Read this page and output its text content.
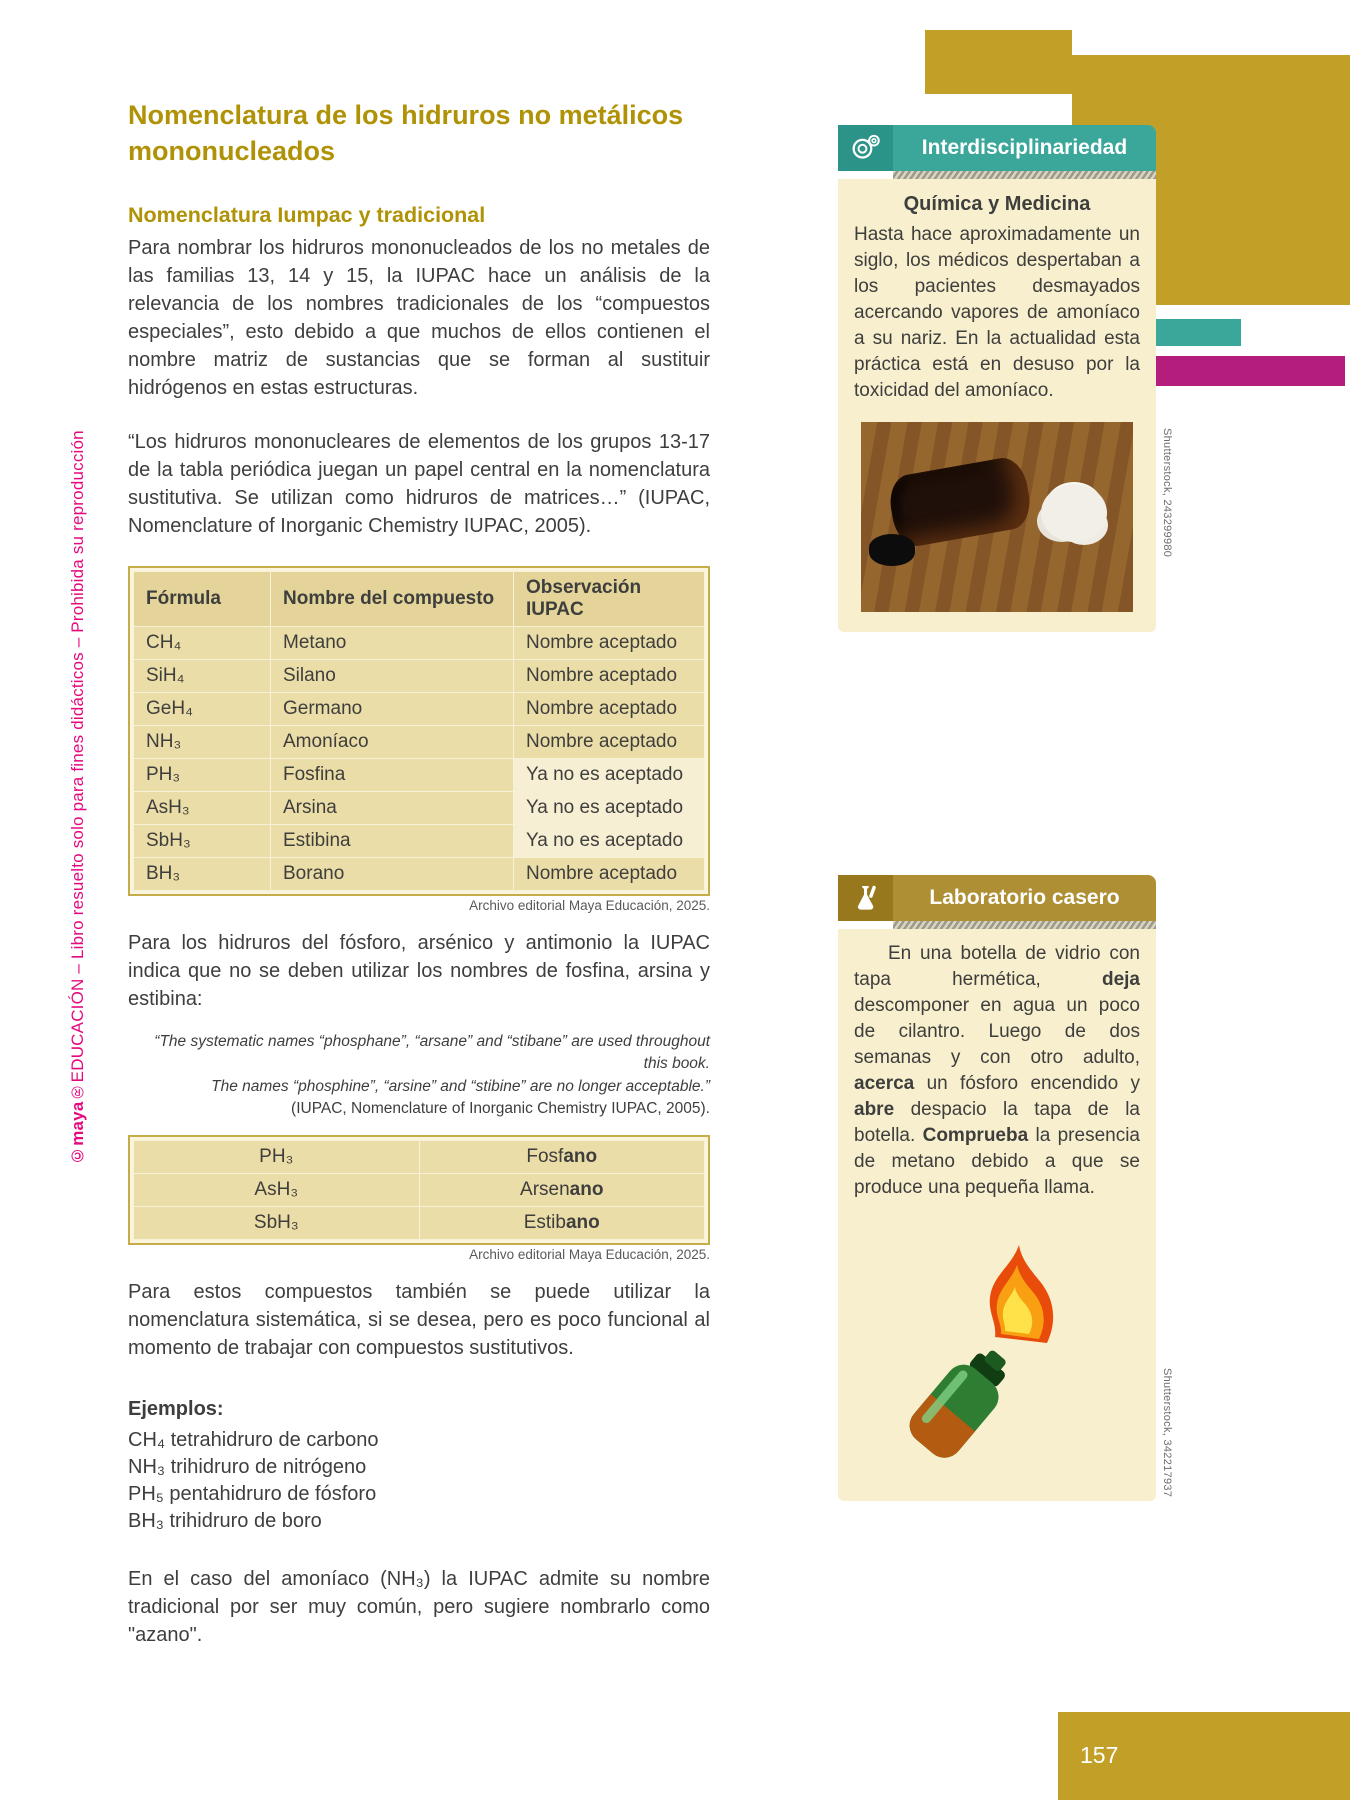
157
©maya®EDUCACIÓN – Libro resuelto solo para fines didácticos – Prohibida su reproducción
Nomenclatura de los hidruros no metálicos mononucleados
Nomenclatura Iumpac y tradicional

Para nombrar los hidruros mononucleados de los no metales de las familias 13, 14 y 15, la IUPAC hace un análisis de la relevancia de los nombres tradicionales de los “compuestos especiales”, esto debido a que muchos de ellos contienen el nombre matriz de sustancias que se forman al sustituir hidrógenos en estas estructuras.

“Los hidruros mononucleares de elementos de los grupos 13-17 de la tabla periódica juegan un papel central en la nomenclatura sustitutiva. Se utilizan como hidruros de matrices…” (IUPAC, Nomenclature of Inorganic Chemistry IUPAC, 2005).

Fórmula	Nombre del compuesto	Observación IUPAC
CH₄	Metano	Nombre aceptado
SiH₄	Silano	Nombre aceptado
GeH₄	Germano	Nombre aceptado
NH₃	Amoníaco	Nombre aceptado
PH₃	Fosfina	Ya no es aceptado
AsH₃	Arsina	Ya no es aceptado
SbH₃	Estibina	Ya no es aceptado
BH₃	Borano	Nombre aceptado
Archivo editorial Maya Educación, 2025.

Para los hidruros del fósforo, arsénico y antimonio la IUPAC indica que no se deben utilizar los nombres de fosfina, arsina y estibina:

“The systematic names “phosphane”, “arsane” and “stibane” are used throughout this book.
The names “phosphine”, “arsine” and “stibine” are no longer acceptable.”
(IUPAC, Nomenclature of Inorganic Chemistry IUPAC, 2005).
PH₃	Fosfano
AsH₃	Arsenano
SbH₃	Estibano
Archivo editorial Maya Educación, 2025.

Para estos compuestos también se puede utilizar la nomenclatura sistemática, si se desea, pero es poco funcional al momento de trabajar con compuestos sustitutivos.

Ejemplos:
CH₄ tetrahidruro de carbono
NH₃ trihidruro de nitrógeno
PH₅ pentahidruro de fósforo
BH₃ trihidruro de boro

En el caso del amoníaco (NH₃) la IUPAC admite su nombre tradicional por ser muy común, pero sugiere nombrarlo como "azano".

Interdisciplinariedad
Química y Medicina
Hasta hace aproximadamente un siglo, los médicos despertaban a los pacientes desmayados acercando vapores de amoníaco a su nariz. En la actualidad esta práctica está en desuso por la toxicidad del amoníaco.
Shutterstock, 243299980
Laboratorio casero
En una botella de vidrio con tapa hermética, deja descomponer en agua un poco de cilantro. Luego de dos semanas y con otro adulto, acerca un fósforo encendido y abre despacio la tapa de la botella. Comprueba la presencia de metano debido a que se produce una pequeña llama.
Shutterstock, 342217937
